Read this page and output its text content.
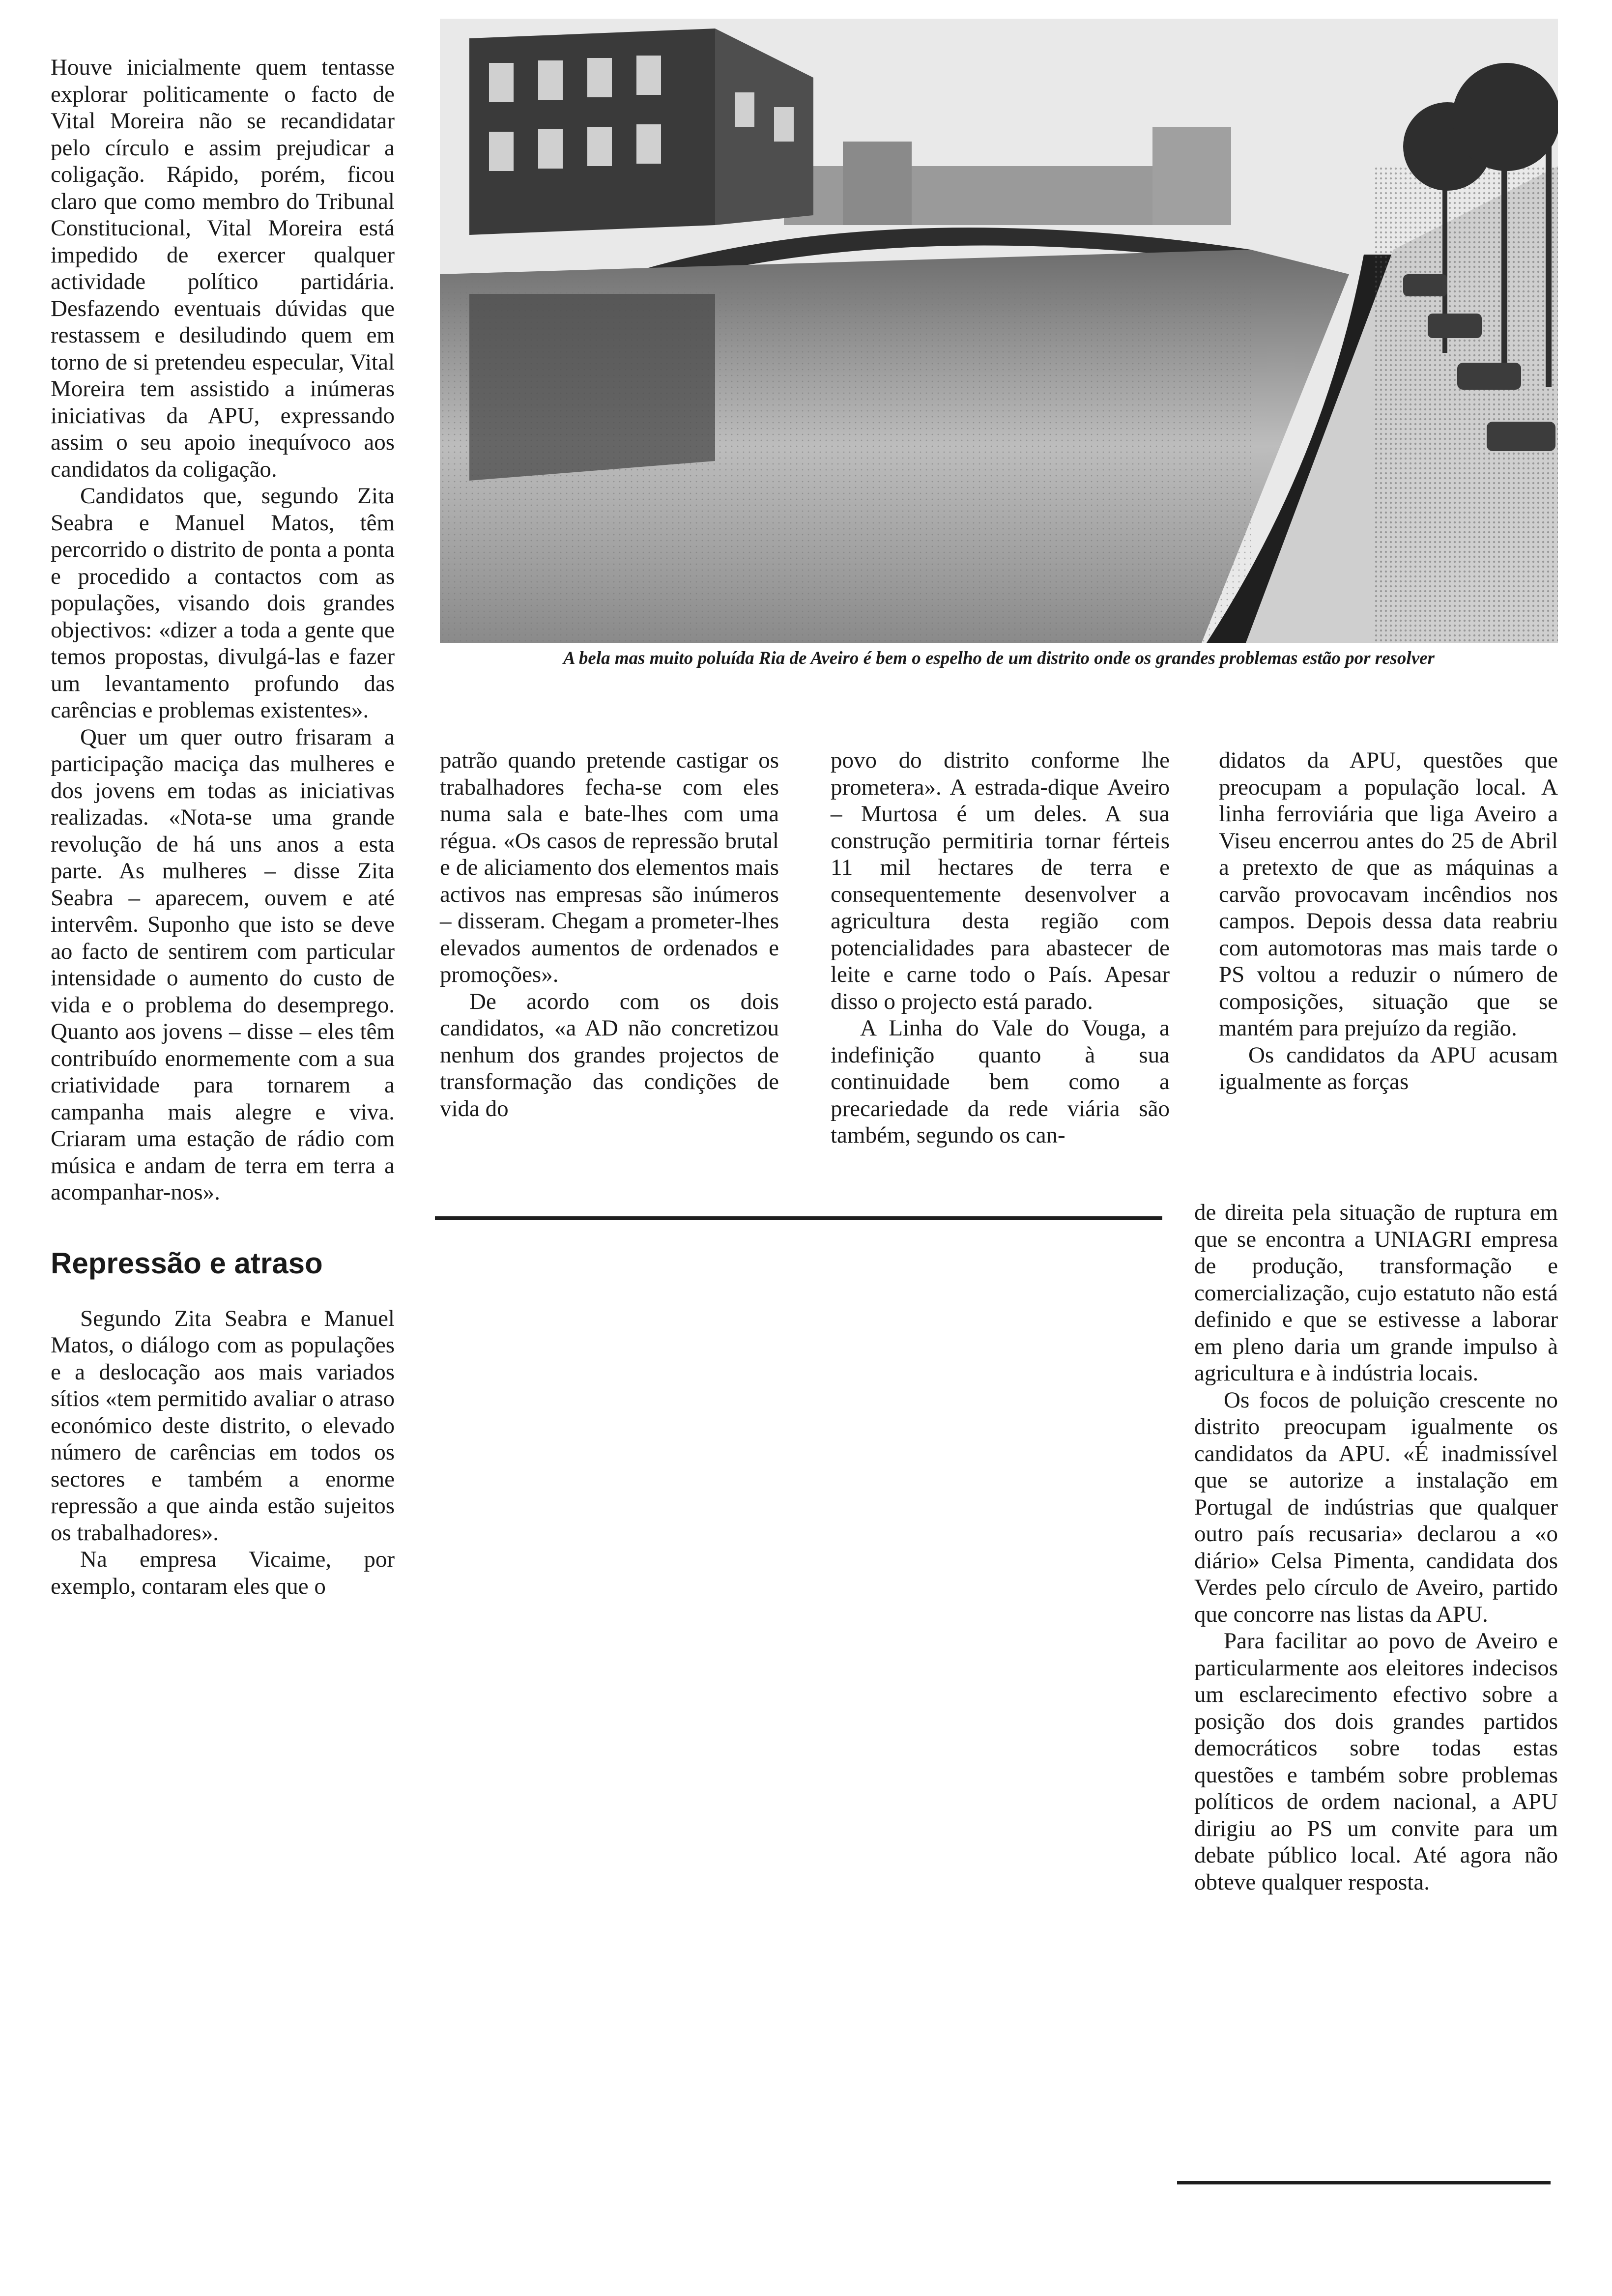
Houve inicialmente quem tentasse explorar politicamente o facto de Vital Moreira não se recandidatar pelo círculo e assim prejudicar a coligação. Rápido, porém, ficou claro que como membro do Tribunal Constitucional, Vital Moreira está impedido de exercer qualquer actividade político partidária. Desfazendo eventuais dúvidas que restassem e desiludindo quem em torno de si pretendeu especular, Vital Moreira tem assistido a inúmeras iniciativas da APU, expressando assim o seu apoio inequívoco aos candidatos da coligação.

Candidatos que, segundo Zita Seabra e Manuel Matos, têm percorrido o distrito de ponta a ponta e procedido a contactos com as populações, visando dois grandes objectivos: «dizer a toda a gente que temos propostas, divulgá-las e fazer um levantamento profundo das carências e problemas existentes».

Quer um quer outro frisaram a participação maciça das mulheres e dos jovens em todas as iniciativas realizadas. «Nota-se uma grande revolução de há uns anos a esta parte. As mulheres – disse Zita Seabra – aparecem, ouvem e até intervêm. Suponho que isto se deve ao facto de sentirem com particular intensidade o aumento do custo de vida e o problema do desemprego. Quanto aos jovens – disse – eles têm contribuído enormemente com a sua criatividade para tornarem a campanha mais alegre e viva. Criaram uma estação de rádio com música e andam de terra em terra a acompanhar-nos».

Repressão e atraso

Segundo Zita Seabra e Manuel Matos, o diálogo com as populações e a deslocação aos mais variados sítios «tem permitido avaliar o atraso económico deste distrito, o elevado número de carências em todos os sectores e também a enorme repressão a que ainda estão sujeitos os trabalhadores».

Na empresa Vicaime, por exemplo, contaram eles que o

A bela mas muito poluída Ria de Aveiro é bem o espelho de um distrito onde os grandes problemas estão por resolver

patrão quando pretende castigar os trabalhadores fecha-se com eles numa sala e bate-lhes com uma régua. «Os casos de repressão brutal e de aliciamento dos elementos mais activos nas empresas são inúmeros – disseram. Chegam a prometer-lhes elevados aumentos de ordenados e promoções».

De acordo com os dois candidatos, «a AD não concretizou nenhum dos grandes projectos de transformação das condições de vida do

povo do distrito conforme lhe prometera». A estrada-dique Aveiro – Murtosa é um deles. A sua construção permitiria tornar férteis 11 mil hectares de terra e consequentemente desenvolver a agricultura desta região com potencialidades para abastecer de leite e carne todo o País. Apesar disso o projecto está parado.

A Linha do Vale do Vouga, a indefinição quanto à sua continuidade bem como a precariedade da rede viária são também, segundo os can-

didatos da APU, questões que preocupam a população local. A linha ferroviária que liga Aveiro a Viseu encerrou antes do 25 de Abril a pretexto de que as máquinas a carvão provocavam incêndios nos campos. Depois dessa data reabriu com automotoras mas mais tarde o PS voltou a reduzir o número de composições, situação que se mantém para prejuízo da região.

Os candidatos da APU acusam igualmente as forças

de direita pela situação de ruptura em que se encontra a UNIAGRI empresa de produção, transformação e comercialização, cujo estatuto não está definido e que se estivesse a laborar em pleno daria um grande impulso à agricultura e à indústria locais.

Os focos de poluição crescente no distrito preocupam igualmente os candidatos da APU. «É inadmissível que se autorize a instalação em Portugal de indústrias que qualquer outro país recusaria» declarou a «o diário» Celsa Pimenta, candidata dos Verdes pelo círculo de Aveiro, partido que concorre nas listas da APU.

Para facilitar ao povo de Aveiro e particularmente aos eleitores indecisos um esclarecimento efectivo sobre a posição dos dois grandes partidos democráticos sobre todas estas questões e também sobre problemas políticos de ordem nacional, a APU dirigiu ao PS um convite para um debate público local. Até agora não obteve qualquer resposta.
